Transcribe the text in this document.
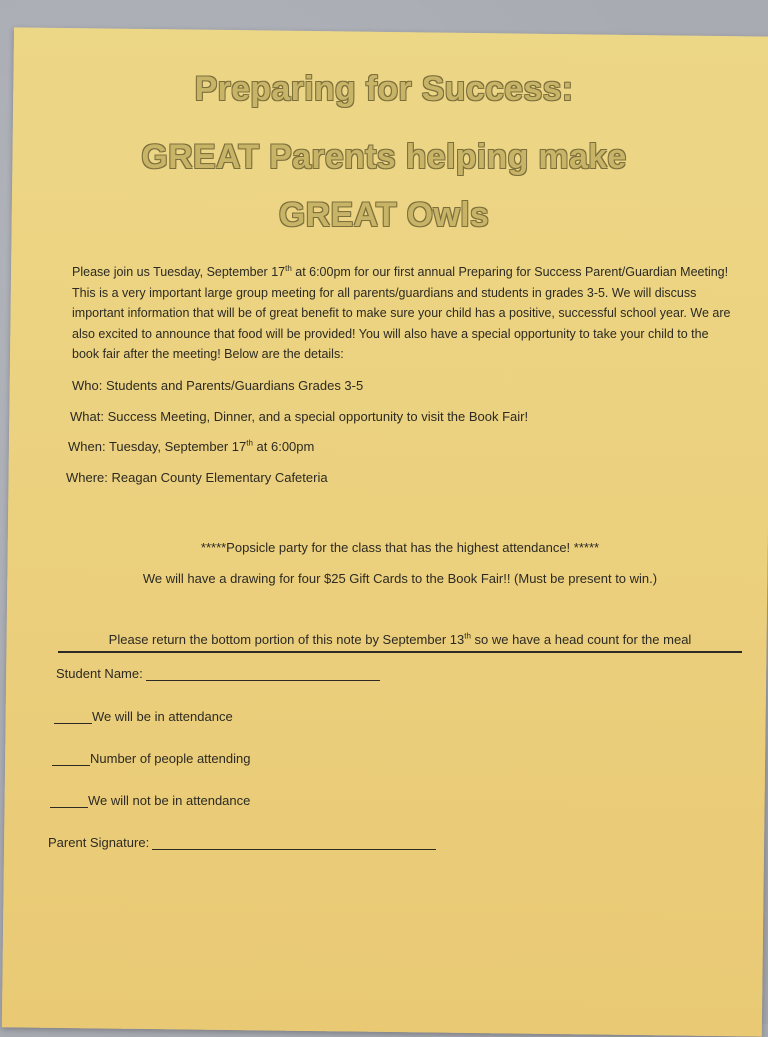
Preparing for Success:
GREAT Parents helping make
GREAT Owls
Please join us Tuesday, September 17th at 6:00pm for our first annual Preparing for Success Parent/Guardian Meeting! This is a very important large group meeting for all parents/guardians and students in grades 3-5. We will discuss important information that will be of great benefit to make sure your child has a positive, successful school year. We are also excited to announce that food will be provided! You will also have a special opportunity to take your child to the book fair after the meeting! Below are the details:
Who: Students and Parents/Guardians Grades 3-5
What: Success Meeting, Dinner, and a special opportunity to visit the Book Fair!
When: Tuesday, September 17th at 6:00pm
Where: Reagan County Elementary Cafeteria
*****Popsicle party for the class that has the highest attendance! *****
We will have a drawing for four $25 Gift Cards to the Book Fair!! (Must be present to win.)
Please return the bottom portion of this note by September 13th so we have a head count for the meal
Student Name:
We will be in attendance
Number of people attending
We will not be in attendance
Parent Signature:
